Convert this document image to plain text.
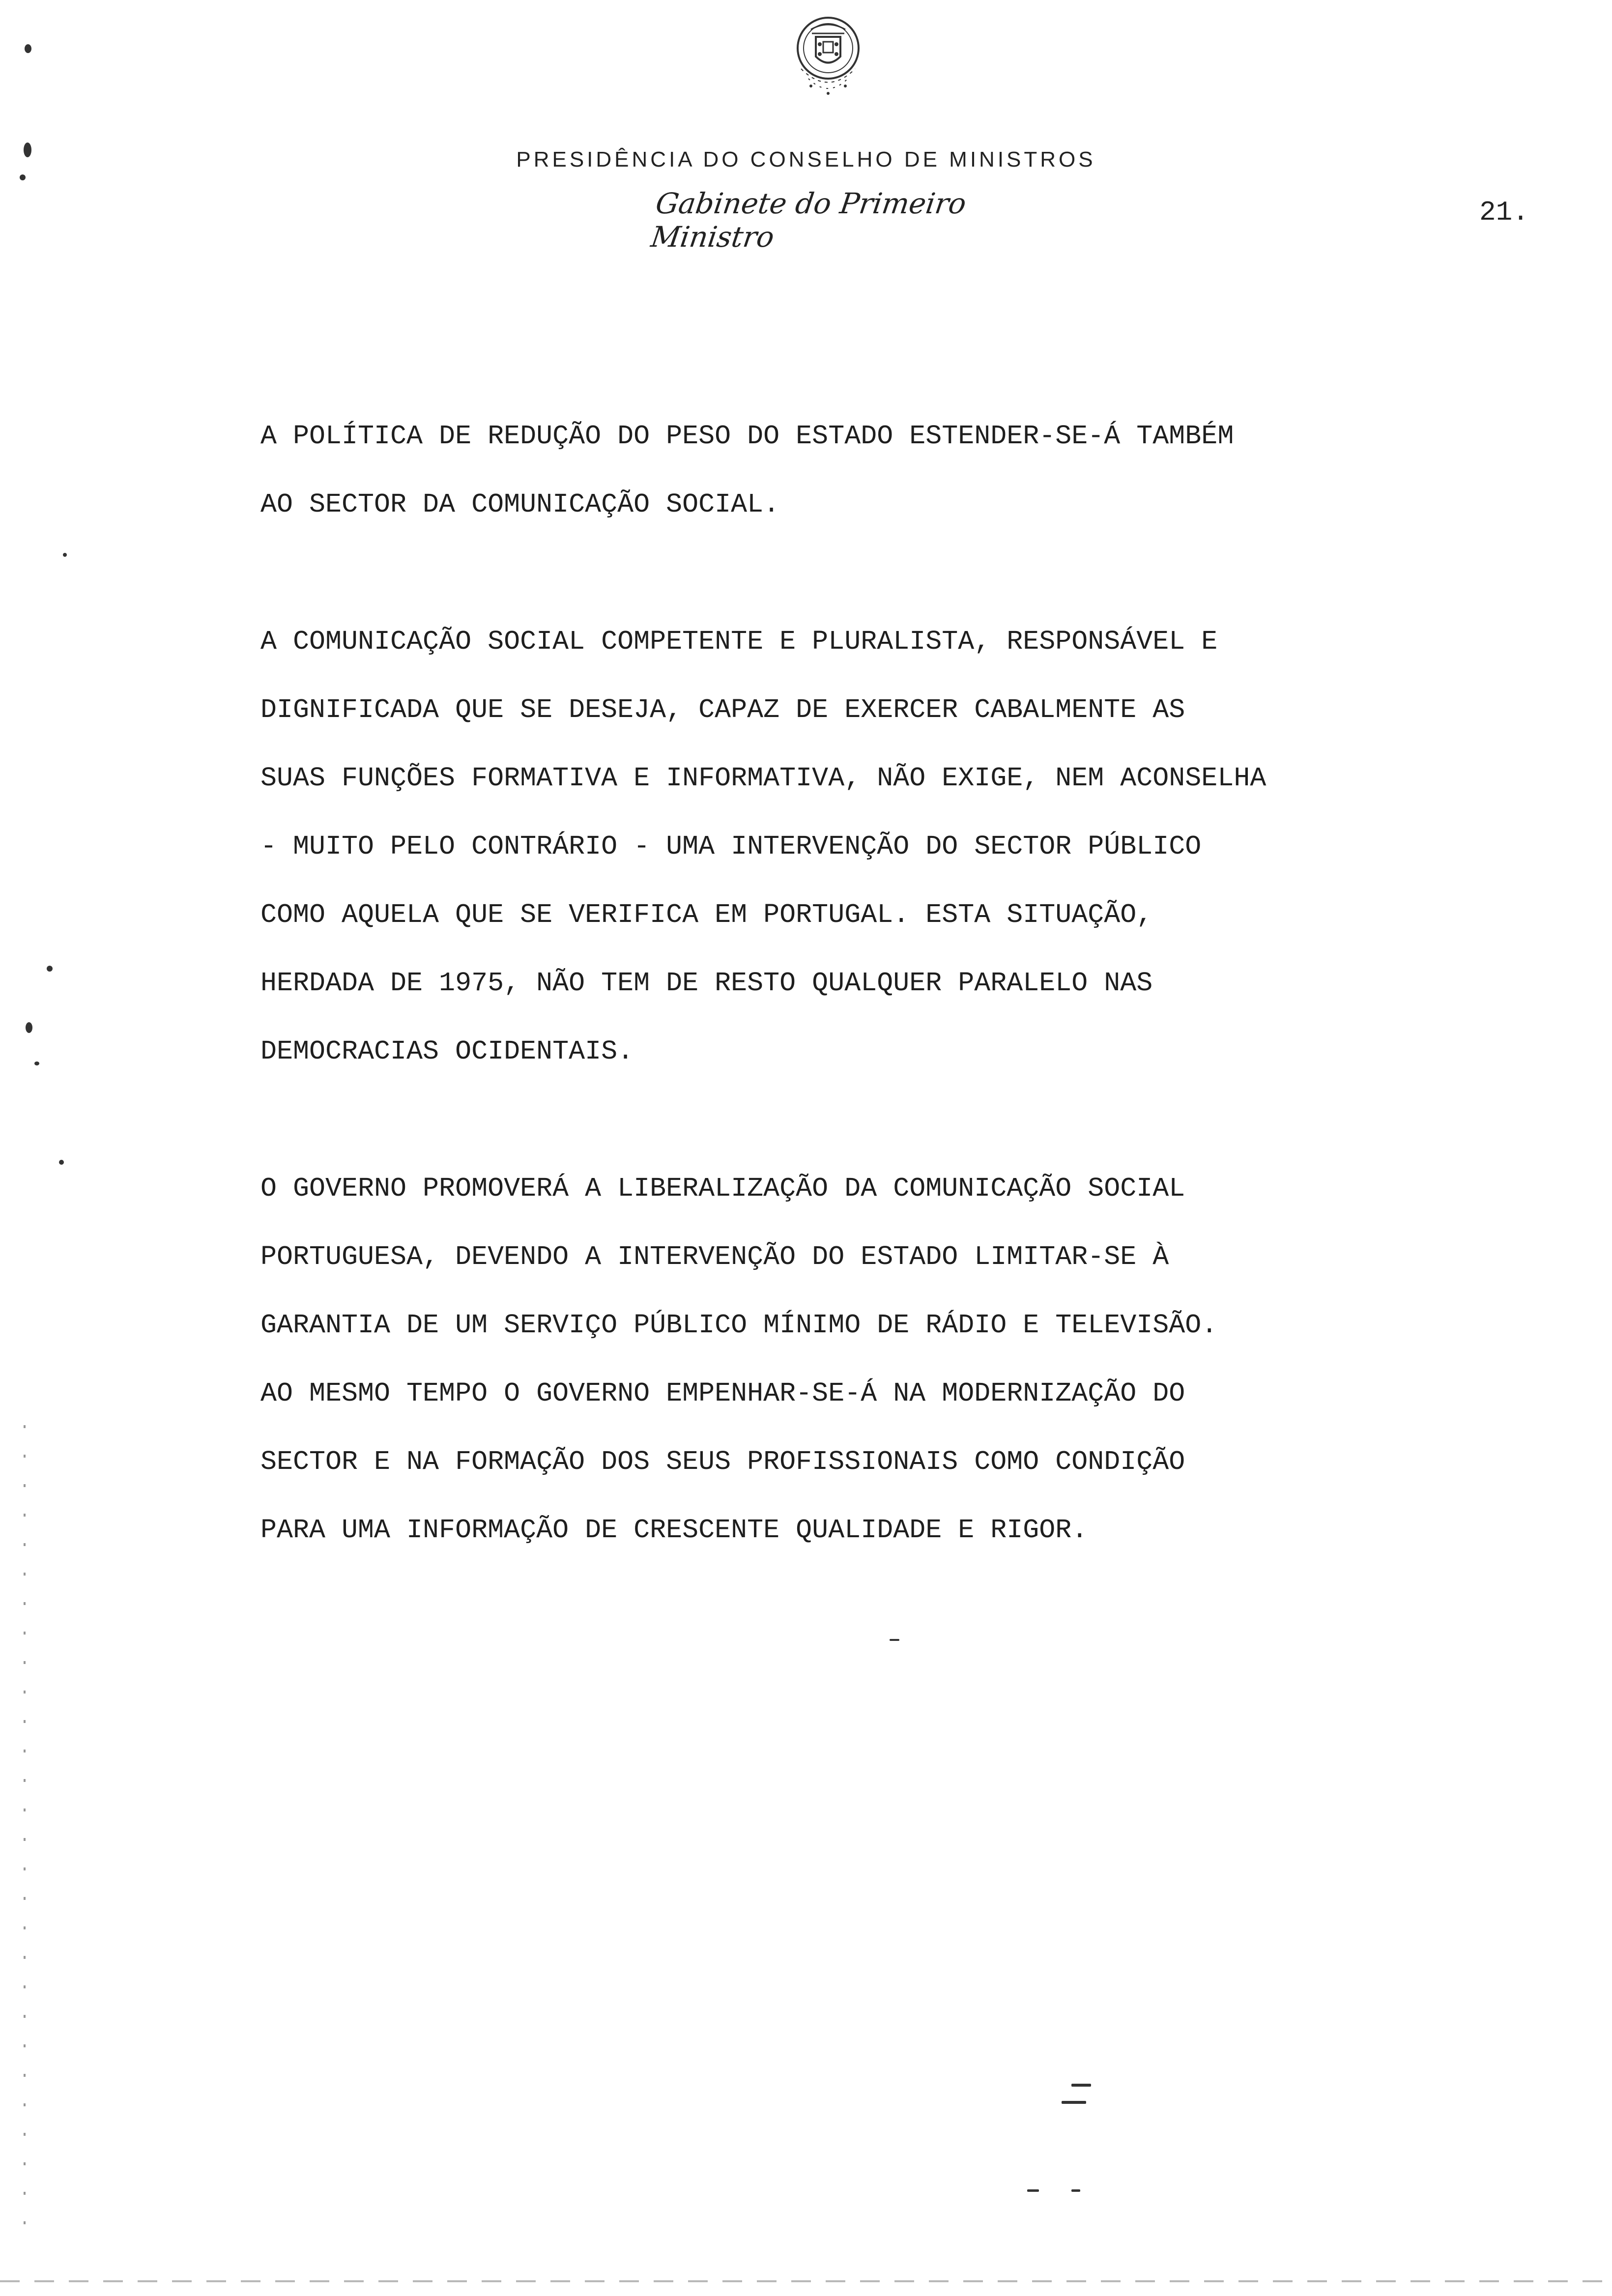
PRESIDÊNCIA DO CONSELHO DE MINISTROS
Gabinete do Primeiro Ministro
21.
A POLÍTICA DE REDUÇÃO DO PESO DO ESTADO ESTENDER-SE-Á TAMBÉM
AO SECTOR DA COMUNICAÇÃO SOCIAL.
A COMUNICAÇÃO SOCIAL COMPETENTE E PLURALISTA, RESPONSÁVEL E
DIGNIFICADA QUE SE DESEJA, CAPAZ DE EXERCER CABALMENTE AS
SUAS FUNÇÕES FORMATIVA E INFORMATIVA, NÃO EXIGE, NEM ACONSELHA
- MUITO PELO CONTRÁRIO - UMA INTERVENÇÃO DO SECTOR PÚBLICO
COMO AQUELA QUE SE VERIFICA EM PORTUGAL. ESTA SITUAÇÃO,
HERDADA DE 1975, NÃO TEM DE RESTO QUALQUER PARALELO NAS
DEMOCRACIAS OCIDENTAIS.
O GOVERNO PROMOVERÁ A LIBERALIZAÇÃO DA COMUNICAÇÃO SOCIAL
PORTUGUESA, DEVENDO A INTERVENÇÃO DO ESTADO LIMITAR-SE À
GARANTIA DE UM SERVIÇO PÚBLICO MÍNIMO DE RÁDIO E TELEVISÃO.
AO MESMO TEMPO O GOVERNO EMPENHAR-SE-Á NA MODERNIZAÇÃO DO
SECTOR E NA FORMAÇÃO DOS SEUS PROFISSIONAIS COMO CONDIÇÃO
PARA UMA INFORMAÇÃO DE CRESCENTE QUALIDADE E RIGOR.
